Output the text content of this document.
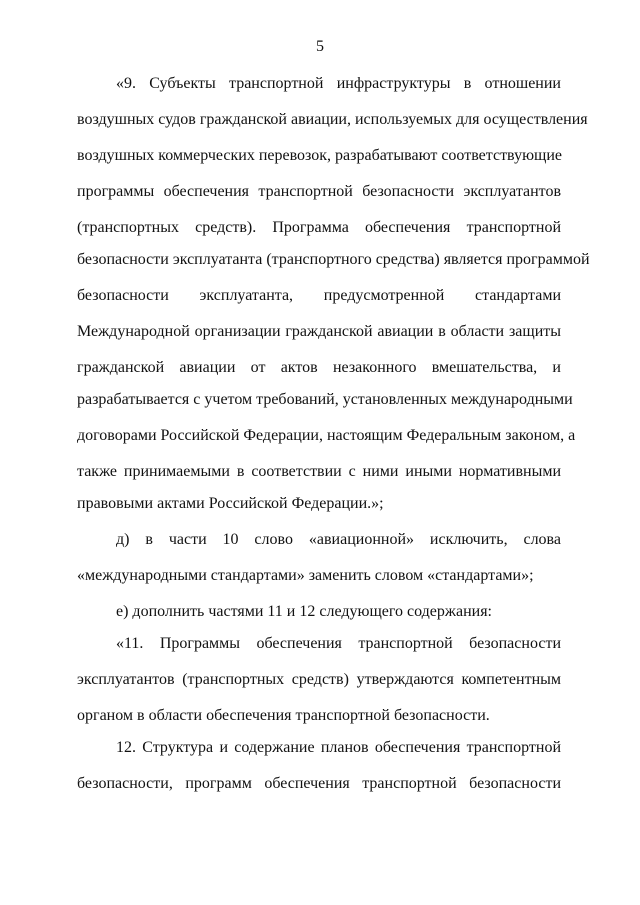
5
«9. Субъекты транспортной инфраструктуры в отношении
воздушных судов гражданской авиации, используемых для осуществления
воздушных коммерческих перевозок, разрабатывают соответствующие
программы обеспечения транспортной безопасности эксплуатантов
(транспортных средств). Программа обеспечения транспортной
безопасности эксплуатанта (транспортного средства) является программой
безопасности эксплуатанта, предусмотренной стандартами
Международной организации гражданской авиации в области защиты
гражданской авиации от актов незаконного вмешательства, и
разрабатывается с учетом требований, установленных международными
договорами Российской Федерации, настоящим Федеральным законом, а
также принимаемыми в соответствии с ними иными нормативными
правовыми актами Российской Федерации.»;
д) в части 10 слово «авиационной» исключить, слова
«международными стандартами» заменить словом «стандартами»;
е) дополнить частями 11 и 12 следующего содержания:
«11. Программы обеспечения транспортной безопасности
эксплуатантов (транспортных средств) утверждаются компетентным
органом в области обеспечения транспортной безопасности.
12. Структура и содержание планов обеспечения транспортной
безопасности, программ обеспечения транспортной безопасности
